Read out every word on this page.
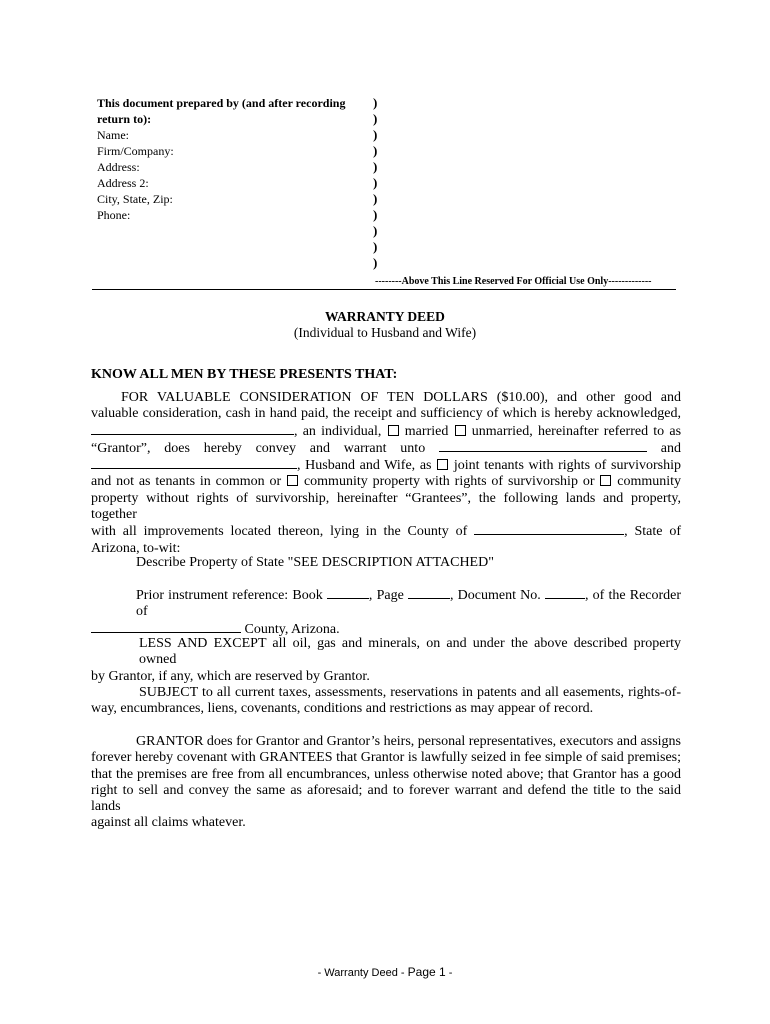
This document prepared by (and after recording
return to):
Name:
Firm/Company:
Address:
Address 2:
City, State, Zip:
Phone:
)
)
)
)
)
)
)
)
)
)
)
--------Above This Line Reserved For Official Use Only-------------
WARRANTY DEED
(Individual to Husband and Wife)
KNOW ALL MEN BY THESE PRESENTS THAT:
FOR VALUABLE CONSIDERATION OF TEN DOLLARS ($10.00), and other good and
valuable consideration, cash in hand paid, the receipt and sufficiency of which is hereby acknowledged,
, an individual, married unmarried, hereinafter referred to as
“Grantor”, does hereby convey and warrant unto	and
, Husband and Wife, as joint tenants with rights of survivorship
and not as tenants in common or community property with rights of survivorship or community
property without rights of survivorship, hereinafter “Grantees”, the following lands and property, together
with all improvements located thereon, lying in the County of	, State of
Arizona, to-wit:
Describe Property of State "SEE DESCRIPTION ATTACHED"
Prior instrument reference: Book	, Page	, Document No.	, of the Recorder of
County, Arizona.
LESS AND EXCEPT all oil, gas and minerals, on and under the above described property owned
by Grantor, if any, which are reserved by Grantor.
SUBJECT to all current taxes, assessments, reservations in patents and all easements, rights-of-
way, encumbrances, liens, covenants, conditions and restrictions as may appear of record.
GRANTOR does for Grantor and Grantor’s heirs, personal representatives, executors and assigns
forever hereby covenant with GRANTEES that Grantor is lawfully seized in fee simple of said premises;
that the premises are free from all encumbrances, unless otherwise noted above; that Grantor has a good
right to sell and convey the same as aforesaid; and to forever warrant and defend the title to the said lands
against all claims whatever.
- Warranty Deed - Page 1 -
